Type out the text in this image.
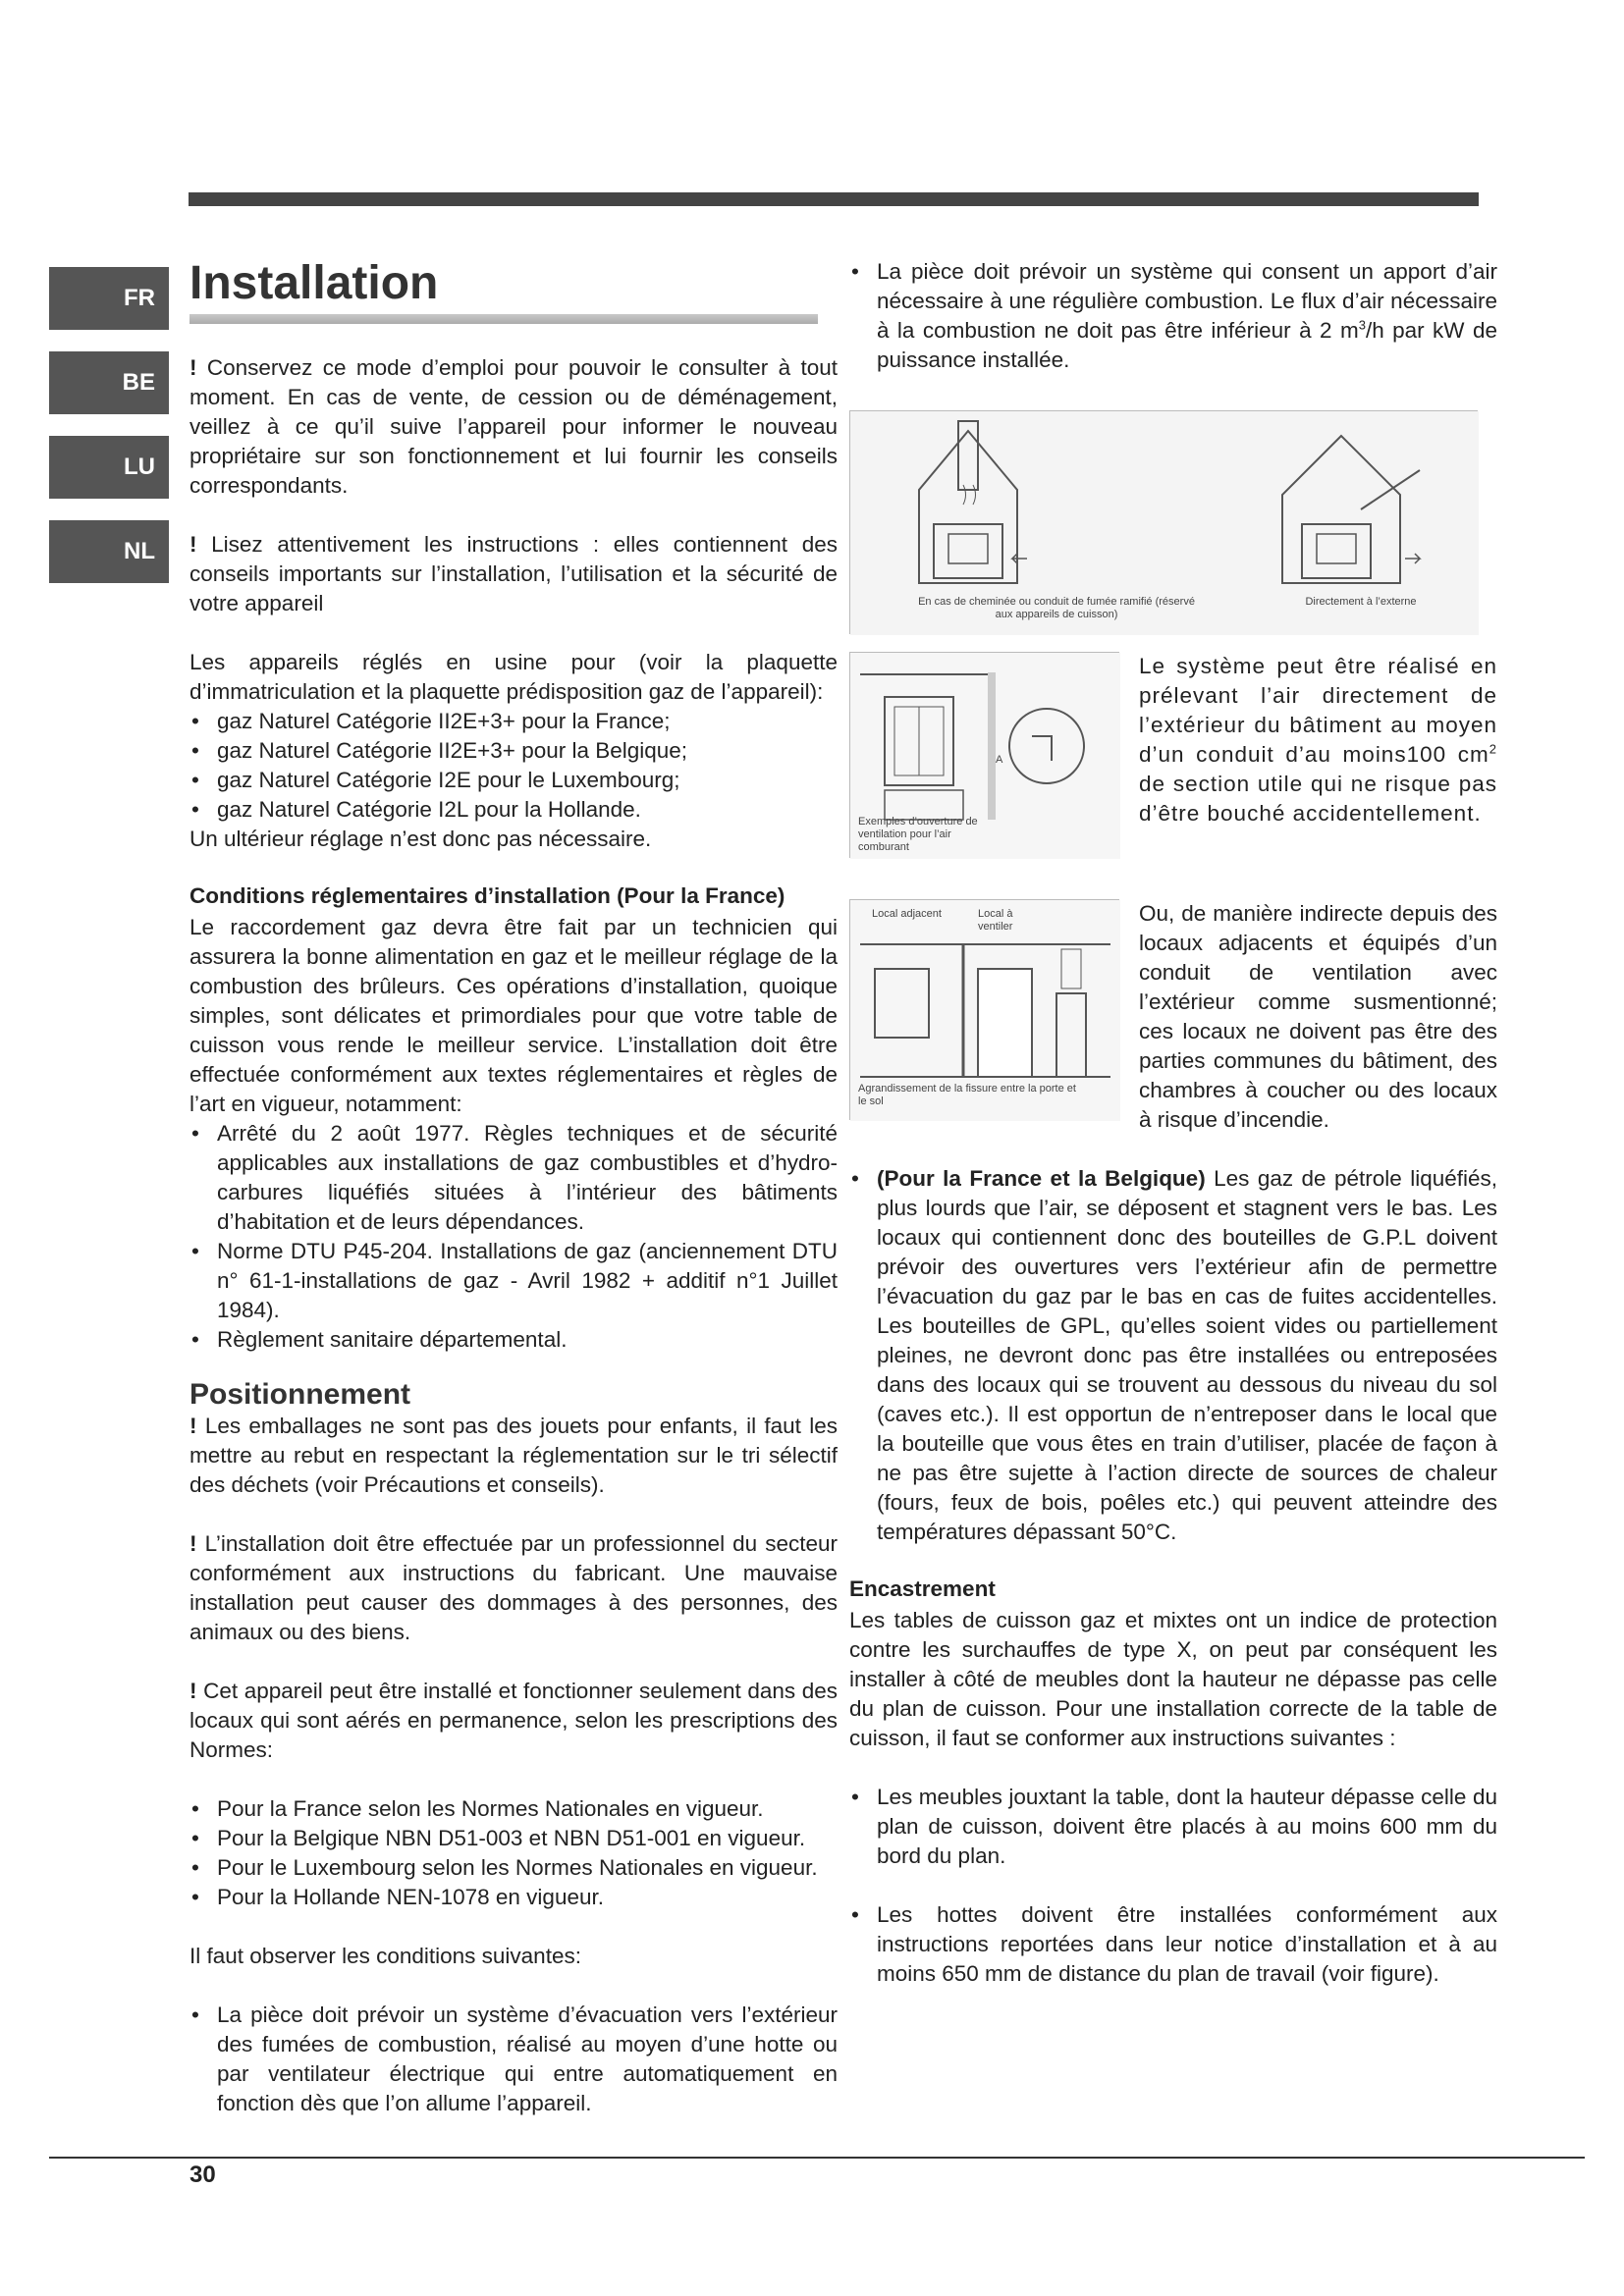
FR
BE
LU
NL
Installation

! Conservez ce mode d’emploi pour pouvoir le consulter à tout moment. En cas de vente, de cession ou de déménagement, veillez à ce qu’il suive l’appareil pour informer le nouveau propriétaire sur son fonctionnement et lui fournir les conseils correspondants.

! Lisez attentivement les instructions : elles contiennent des conseils importants sur l’installation, l’utilisation et la sécurité de votre appareil

Les appareils réglés en usine pour (voir la plaquette d’immatriculation et la plaquette prédisposition gaz de l’appareil):

• gaz Naturel Catégorie II2E+3+ pour la France;
• gaz Naturel Catégorie II2E+3+ pour la Belgique;
• gaz Naturel Catégorie I2E pour le Luxembourg;
• gaz Naturel Catégorie I2L pour la Hollande.

Un ultérieur réglage n’est donc pas nécessaire.

Conditions réglementaires d’installation (Pour la France)

Le raccordement gaz devra être fait par un technicien qui assurera la bonne alimentation en gaz et le meilleur réglage de la combustion des brûleurs. Ces opérations d’installation, quoique simples, sont délicates et primordiales pour que votre table de cuisson vous rende le meilleur service. L’installation doit être effectuée conformément aux textes réglementaires et règles de l’art en vigueur, notamment:

• Arrêté du 2 août 1977. Règles techniques et de sécurité applicables aux installations de gaz combustibles et d’hydro-carbures liquéfiés situées à l’intérieur des bâtiments d’habitation et de leurs dépendances.
• Norme DTU P45-204. Installations de gaz (anciennement DTU n° 61-1-installations de gaz - Avril 1982 + additif n°1 Juillet 1984).
• Règlement sanitaire départemental.
Positionnement

! Les emballages ne sont pas des jouets pour enfants, il faut les mettre au rebut en respectant la réglementation sur le tri sélectif des déchets (voir Précautions et conseils).

! L’installation doit être effectuée par un professionnel du secteur conformément aux instructions du fabricant. Une mauvaise installation peut causer des dommages à des personnes, des animaux ou des biens.

! Cet appareil peut être installé et fonctionner seulement dans des locaux qui sont aérés en permanence, selon les prescriptions des Normes:

• Pour la France selon les Normes Nationales en vigueur.
• Pour la Belgique NBN D51-003 et NBN D51-001 en vigueur.
• Pour le Luxembourg selon les Normes Nationales en vigueur.
• Pour la Hollande NEN-1078 en vigueur.

Il faut observer les conditions suivantes:

• La pièce doit prévoir un système d’évacuation vers l’extérieur des fumées de combustion, réalisé au moyen d’une hotte ou par ventilateur électrique qui entre automatiquement en fonction dès que l’on allume l’appareil.
• La pièce doit prévoir un système qui consent un apport d’air nécessaire à une régulière combustion. Le flux d’air nécessaire à la combustion ne doit pas être inférieur à 2 $m^3/h$ par kW de puissance installée.
En cas de cheminée ou conduit de fumée ramifié (réservé aux appareils de cuisson)
Directement à l’externe
A
Exemples d’ouverture de ventilation pour l’air comburant
Le système peut être réalisé en prélevant l’air directement de l’extérieur du bâtiment au moyen d’un conduit d’au moins100 $cm^2$ de section utile qui ne risque pas d’être bouché accidentellement.
Local adjacent	Local à ventiler
Agrandissement de la fissure entre la porte et le sol
Ou, de manière indirecte depuis des locaux adjacents et équipés d’un conduit de ventilation avec l’extérieur comme susmentionné; ces locaux ne doivent pas être des parties communes du bâtiment, des chambres à coucher ou des locaux à risque d’incendie.
• (Pour la France et la Belgique) Les gaz de pétrole liquéfiés, plus lourds que l’air, se déposent et stagnent vers le bas. Les locaux qui contiennent donc des bouteilles de G.P.L doivent prévoir des ouvertures vers l’extérieur afin de permettre l’évacuation du gaz par le bas en cas de fuites accidentelles. Les bouteilles de GPL, qu’elles soient vides ou partiellement pleines, ne devront donc pas être installées ou entreposées dans des locaux qui se trouvent au dessous du niveau du sol (caves etc.). Il est opportun de n’entreposer dans le local que la bouteille que vous êtes en train d’utiliser, placée de façon à ne pas être sujette à l’action directe de sources de chaleur (fours, feux de bois, poêles etc.) qui peuvent atteindre des températures dépassant 50°C.
Encastrement

Les tables de cuisson gaz et mixtes ont un indice de protection contre les surchauffes de type X, on peut par conséquent les installer à côté de meubles dont la hauteur ne dépasse pas celle du plan de cuisson. Pour une installation correcte de la table de cuisson, il faut se conformer aux instructions suivantes :

• Les meubles jouxtant la table, dont la hauteur dépasse celle du plan de cuisson, doivent être placés à au moins 600 mm du bord du plan.
• Les hottes doivent être installées conformément aux instructions reportées dans leur notice d’installation et à au moins 650 mm de distance du plan de travail (voir figure).
30
